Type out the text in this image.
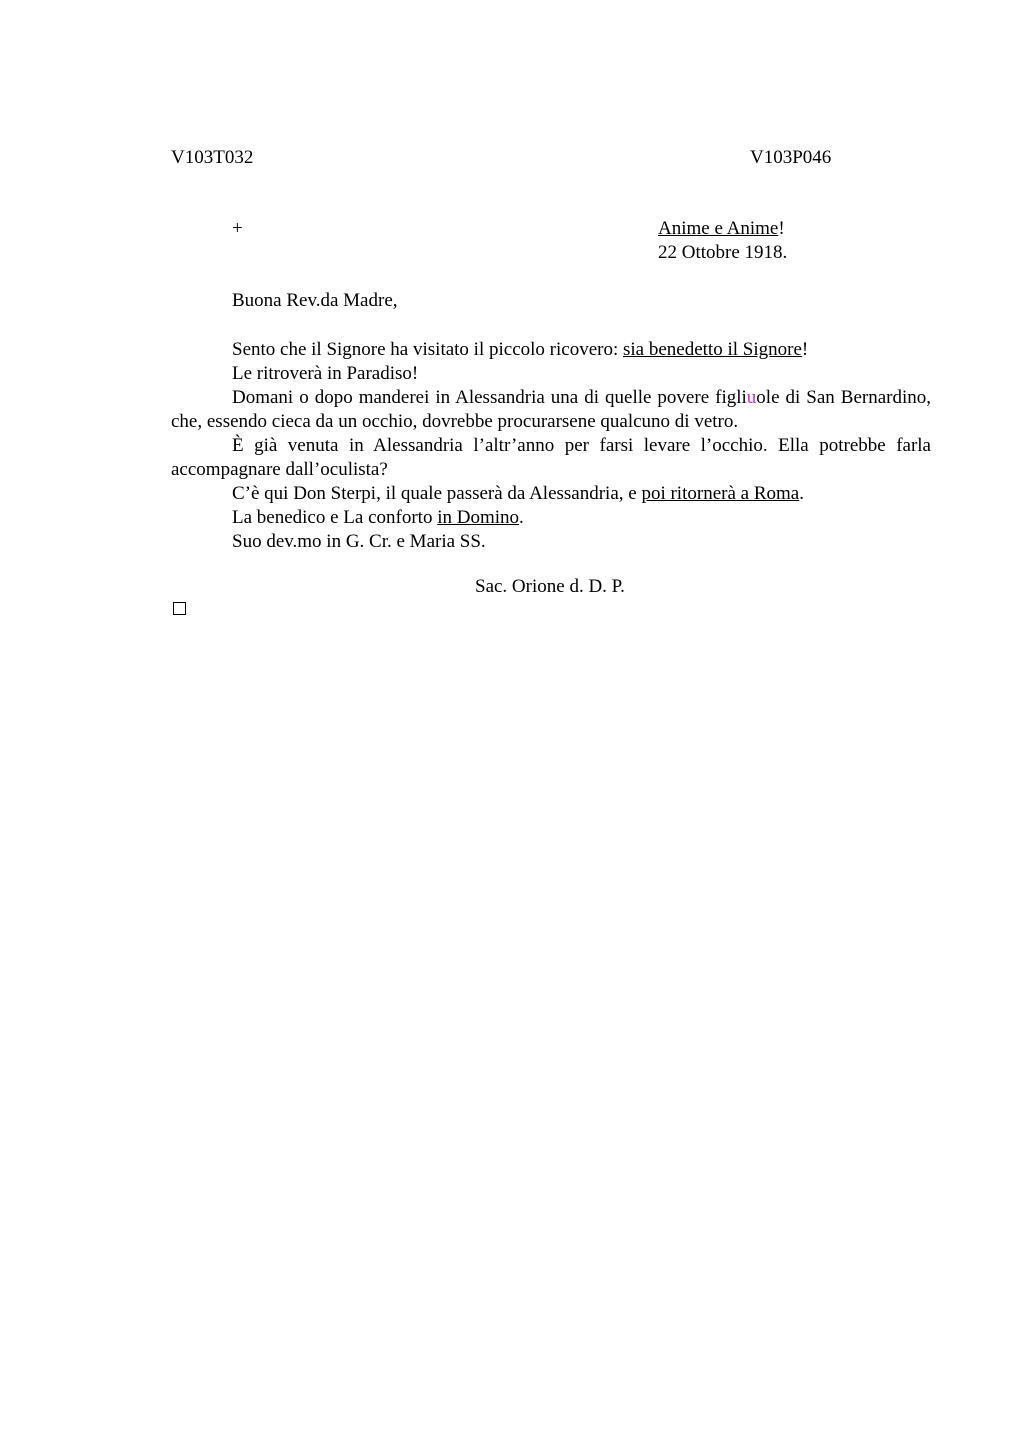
V103T032	V103P046
+	Anime e Anime!
22 Ottobre 1918.
Buona Rev.da Madre,

Sento che il Signore ha visitato il piccolo ricovero: sia benedetto il Signore!

Le ritroverà in Paradiso!

Domani o dopo manderei in Alessandria una di quelle povere figliuole di San Bernardino, che, essendo cieca da un occhio, dovrebbe procurarsene qualcuno di vetro.

È già venuta in Alessandria l’altr’anno per farsi levare l’occhio. Ella potrebbe farla accompagnare dall’oculista?

C’è qui Don Sterpi, il quale passerà da Alessandria, e poi ritornerà a Roma.

La benedico e La conforto in Domino.

Suo dev.mo in G. Cr. e Maria SS.

Sac. Orione d. D. P.
